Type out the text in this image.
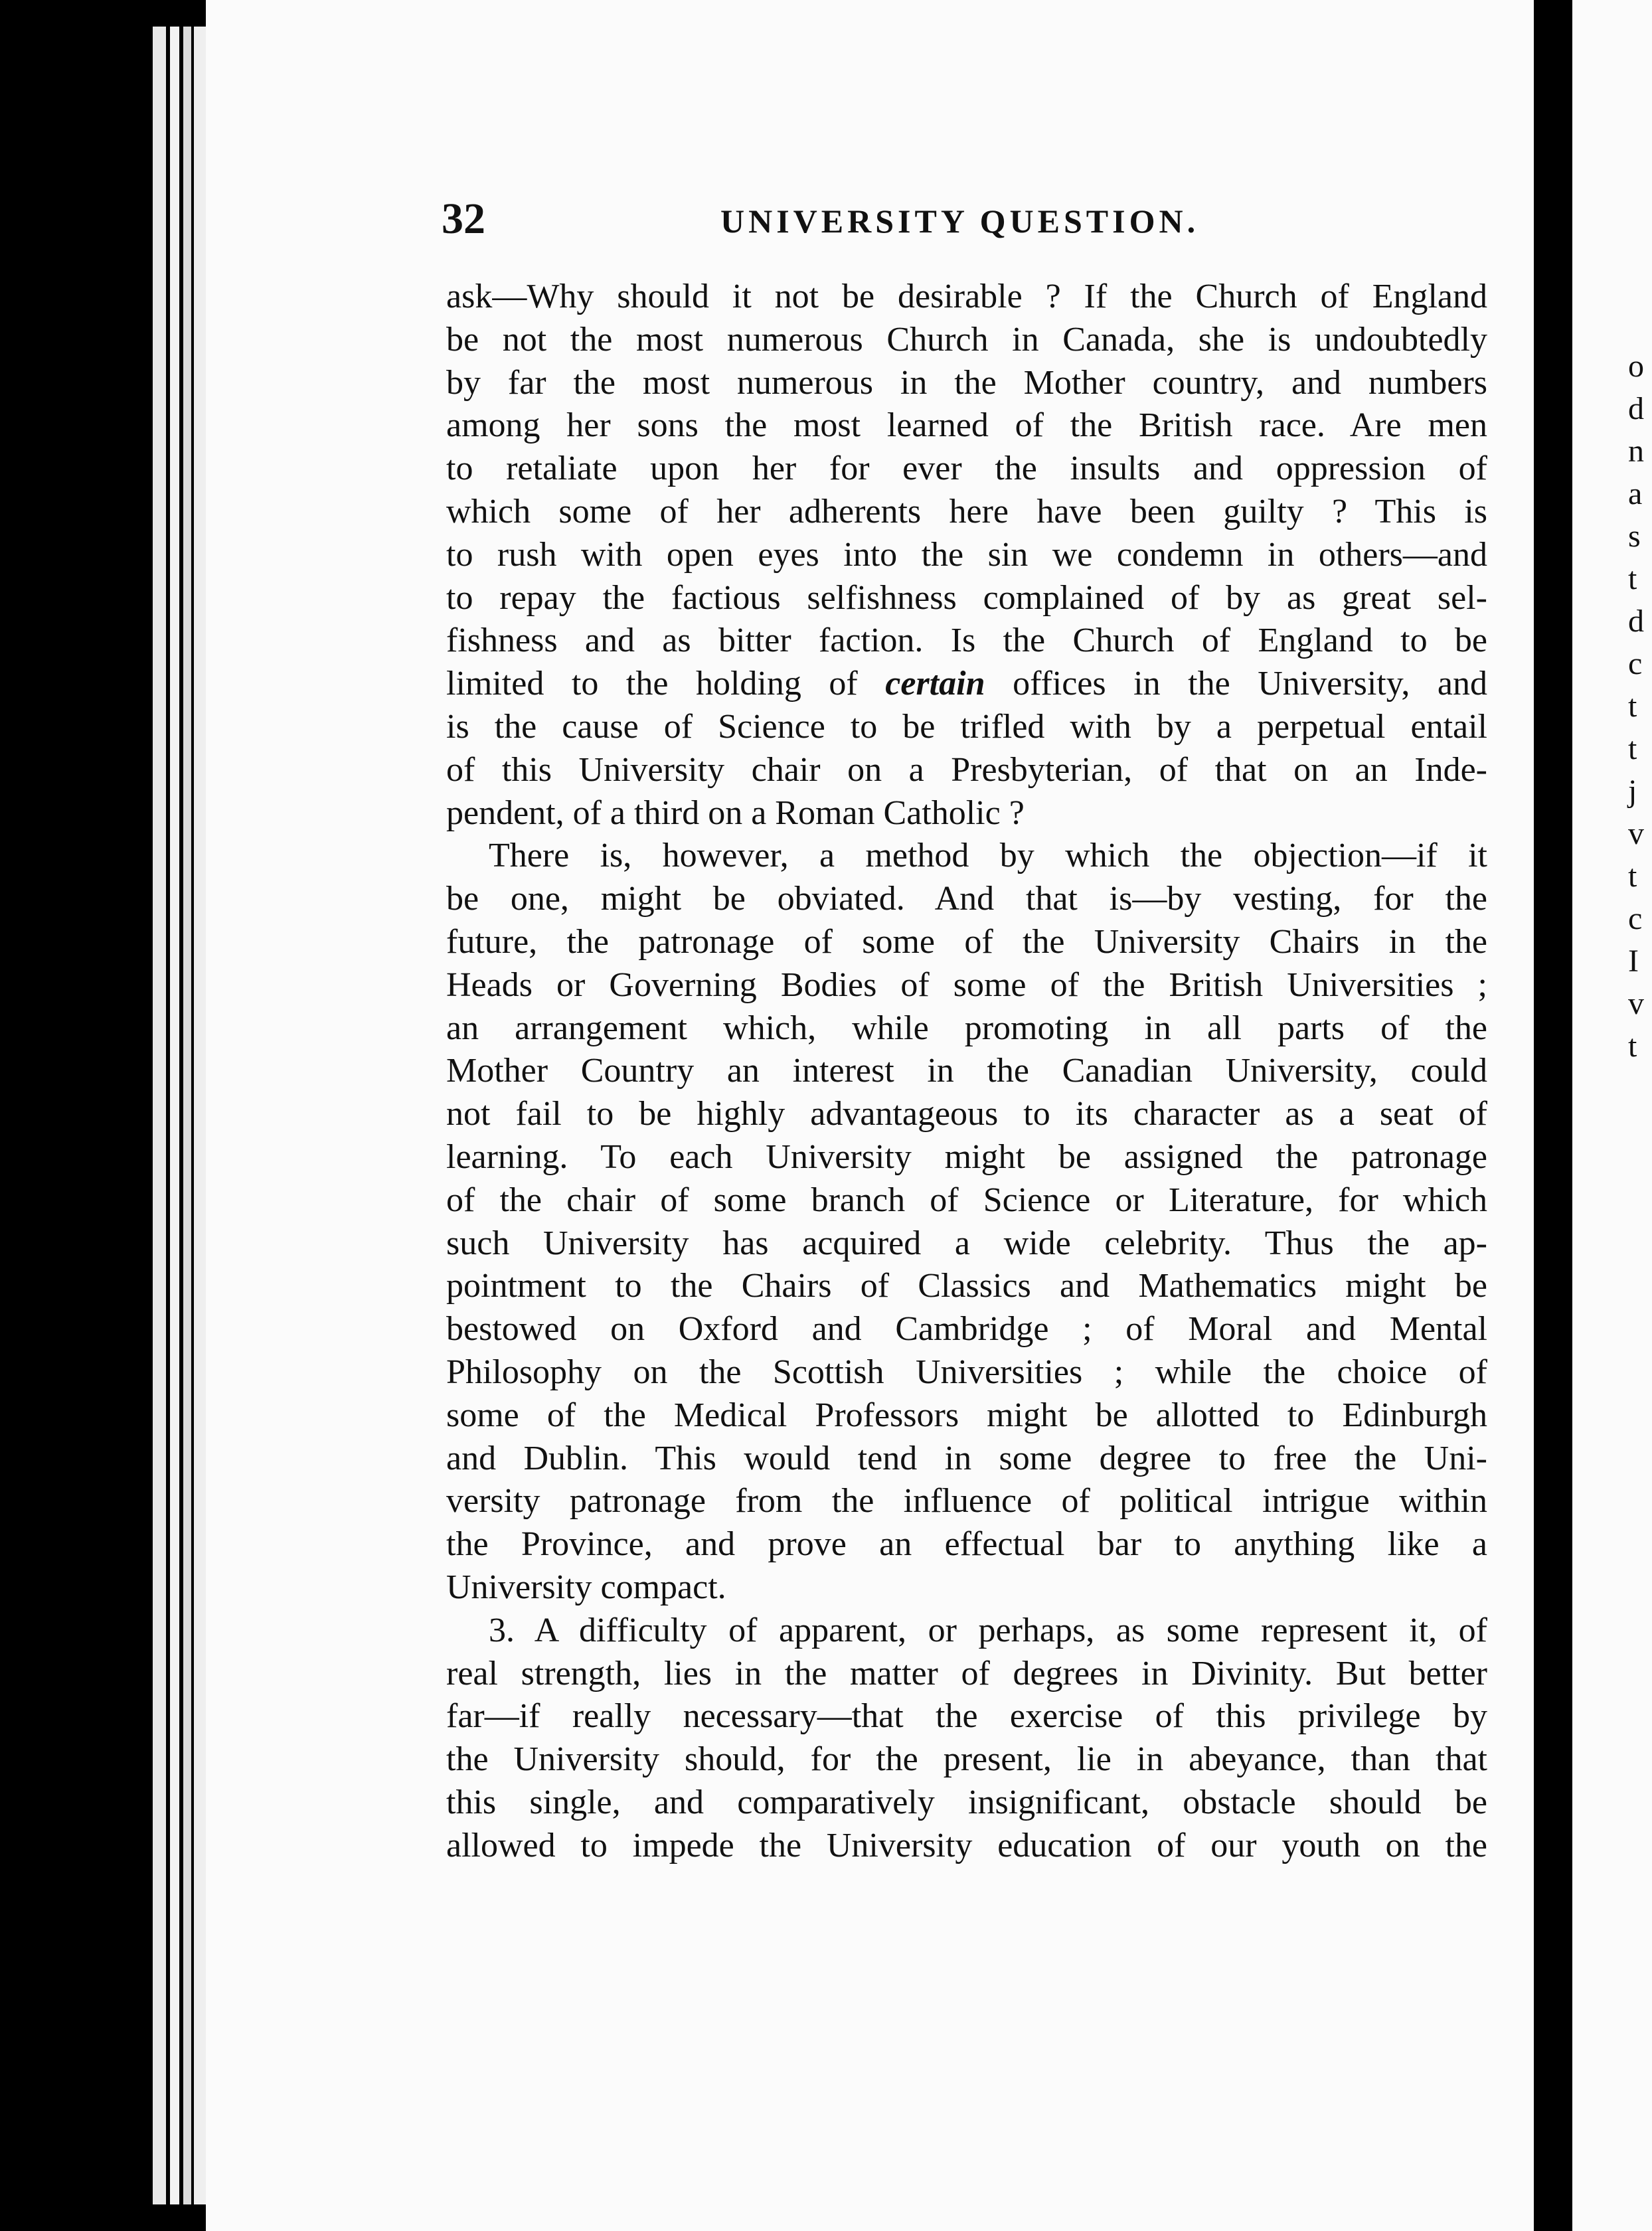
o
d
n
a
s
t
d
c
t
t
j
v
t
c
I
v
t
32	UNIVERSITY QUESTION.
ask—Why should it not be desirable ? If the Church of England
be not the most numerous Church in Canada, she is undoubtedly
by far the most numerous in the Mother country, and numbers
among her sons the most learned of the British race. Are men
to retaliate upon her for ever the insults and oppression of
which some of her adherents here have been guilty ? This is
to rush with open eyes into the sin we condemn in others—and
to repay the factious selfishness complained of by as great sel-
fishness and as bitter faction. Is the Church of England to be
limited to the holding of certain offices in the University, and
is the cause of Science to be trifled with by a perpetual entail
of this University chair on a Presbyterian, of that on an Inde-
pendent, of a third on a Roman Catholic ?
There is, however, a method by which the objection—if it
be one, might be obviated. And that is—by vesting, for the
future, the patronage of some of the University Chairs in the
Heads or Governing Bodies of some of the British Universities ;
an arrangement which, while promoting in all parts of the
Mother Country an interest in the Canadian University, could
not fail to be highly advantageous to its character as a seat of
learning. To each University might be assigned the patronage
of the chair of some branch of Science or Literature, for which
such University has acquired a wide celebrity. Thus the ap-
pointment to the Chairs of Classics and Mathematics might be
bestowed on Oxford and Cambridge ; of Moral and Mental
Philosophy on the Scottish Universities ; while the choice of
some of the Medical Professors might be allotted to Edinburgh
and Dublin. This would tend in some degree to free the Uni-
versity patronage from the influence of political intrigue within
the Province, and prove an effectual bar to anything like a
University compact.
3. A difficulty of apparent, or perhaps, as some represent it, of
real strength, lies in the matter of degrees in Divinity. But better
far—if really necessary—that the exercise of this privilege by
the University should, for the present, lie in abeyance, than that
this single, and comparatively insignificant, obstacle should be
allowed to impede the University education of our youth on the
